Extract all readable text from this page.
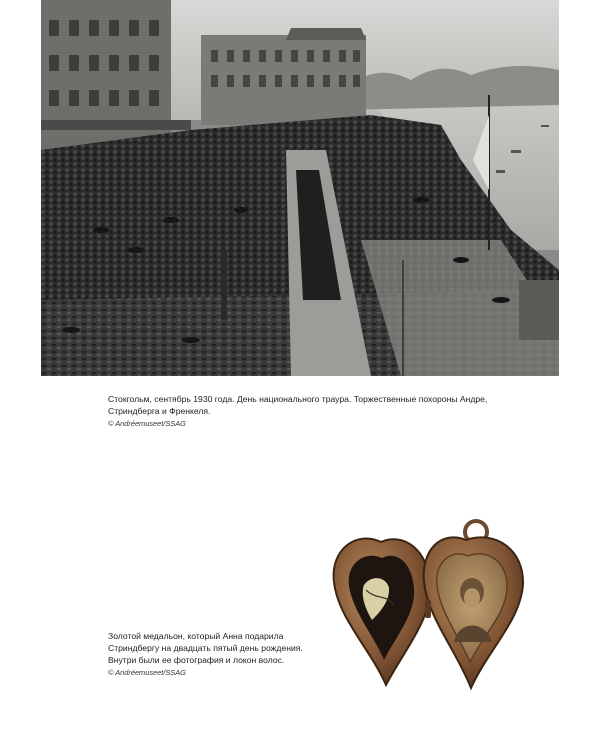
Стокгольм, сентябрь 1930 года. День национального траура. Торжественные похороны Андре, Стриндберга и Френкеля.
© Andréemuseet/SSAG
Золотой медальон, который Анна подарила
Стриндбергу на двадцать пятый день рождения.
Внутри были ее фотография и локон волос.
© Andréemuseet/SSAG
